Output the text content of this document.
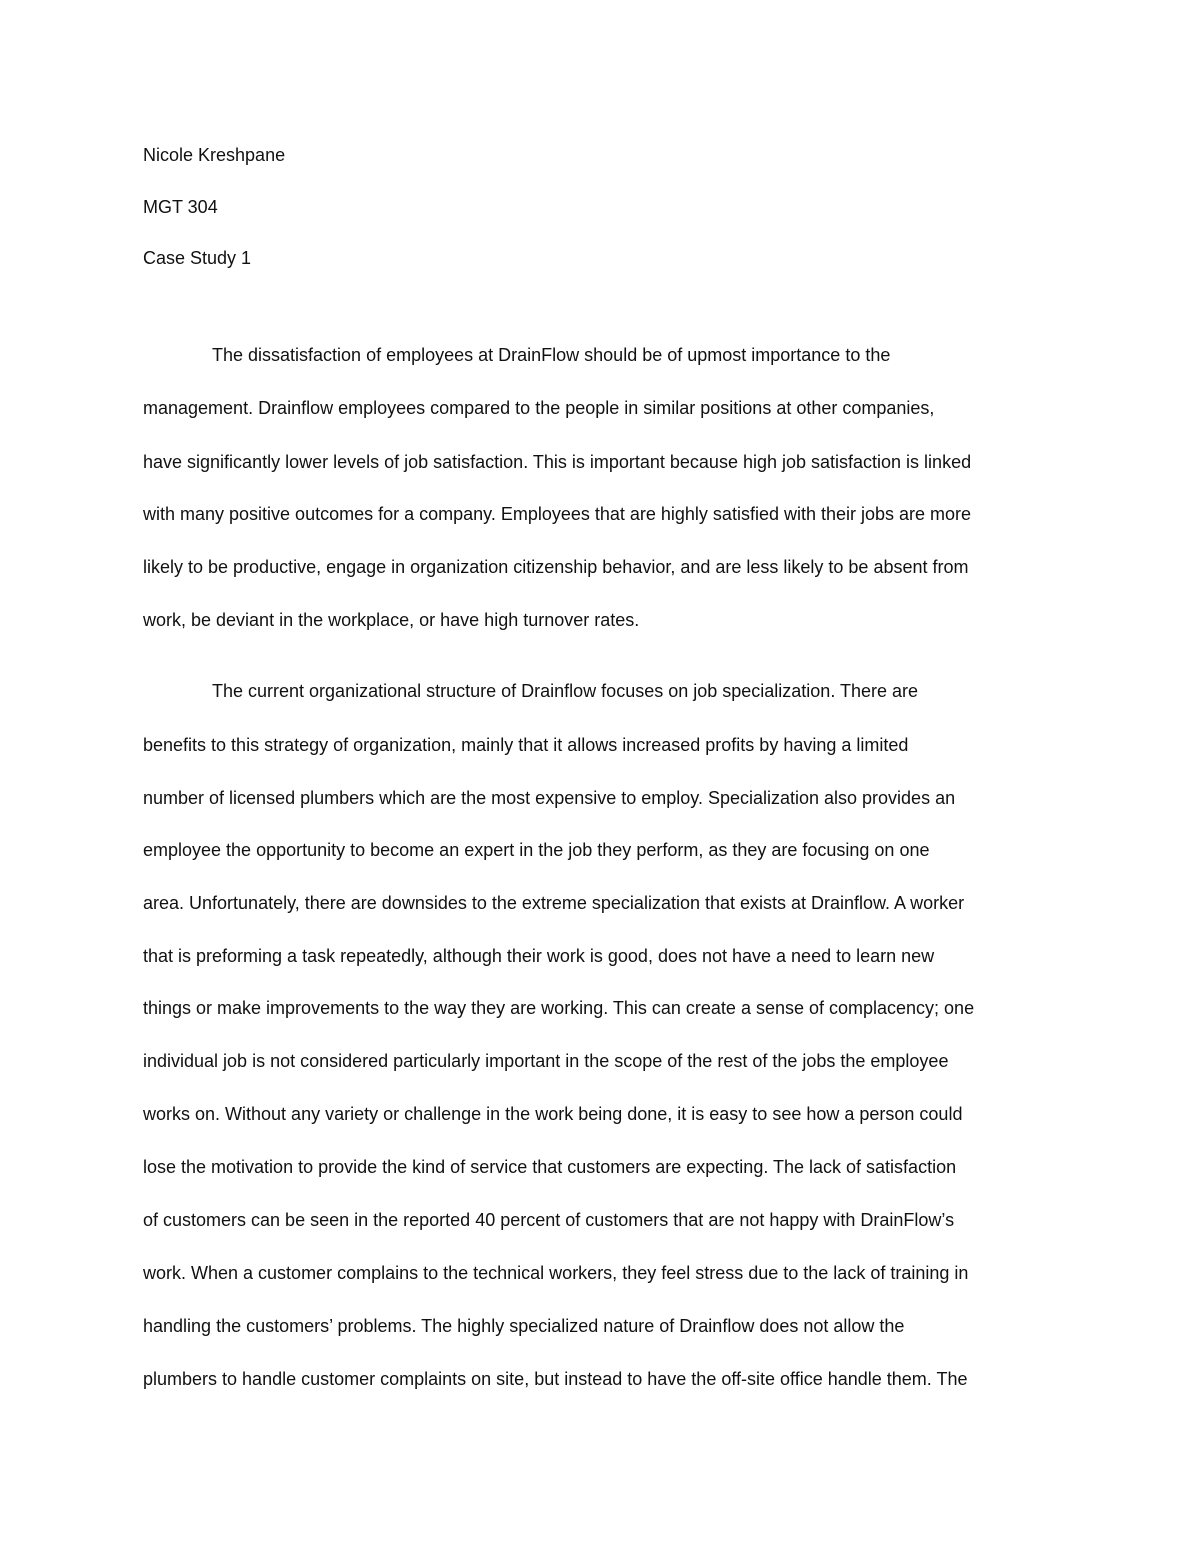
Nicole Kreshpane
MGT 304
Case Study 1
The dissatisfaction of employees at DrainFlow should be of upmost importance to the
management. Drainflow employees compared to the people in similar positions at other companies,
have significantly lower levels of job satisfaction. This is important because high job satisfaction is linked
with many positive outcomes for a company. Employees that are highly satisfied with their jobs are more
likely to be productive, engage in organization citizenship behavior, and are less likely to be absent from
work, be deviant in the workplace, or have high turnover rates.
The current organizational structure of Drainflow focuses on job specialization. There are
benefits to this strategy of organization, mainly that it allows increased profits by having a limited
number of licensed plumbers which are the most expensive to employ. Specialization also provides an
employee the opportunity to become an expert in the job they perform, as they are focusing on one
area. Unfortunately, there are downsides to the extreme specialization that exists at Drainflow. A worker
that is preforming a task repeatedly, although their work is good, does not have a need to learn new
things or make improvements to the way they are working. This can create a sense of complacency; one
individual job is not considered particularly important in the scope of the rest of the jobs the employee
works on. Without any variety or challenge in the work being done, it is easy to see how a person could
lose the motivation to provide the kind of service that customers are expecting. The lack of satisfaction
of customers can be seen in the reported 40 percent of customers that are not happy with DrainFlow’s
work. When a customer complains to the technical workers, they feel stress due to the lack of training in
handling the customers’ problems. The highly specialized nature of Drainflow does not allow the
plumbers to handle customer complaints on site, but instead to have the off-site office handle them. The
